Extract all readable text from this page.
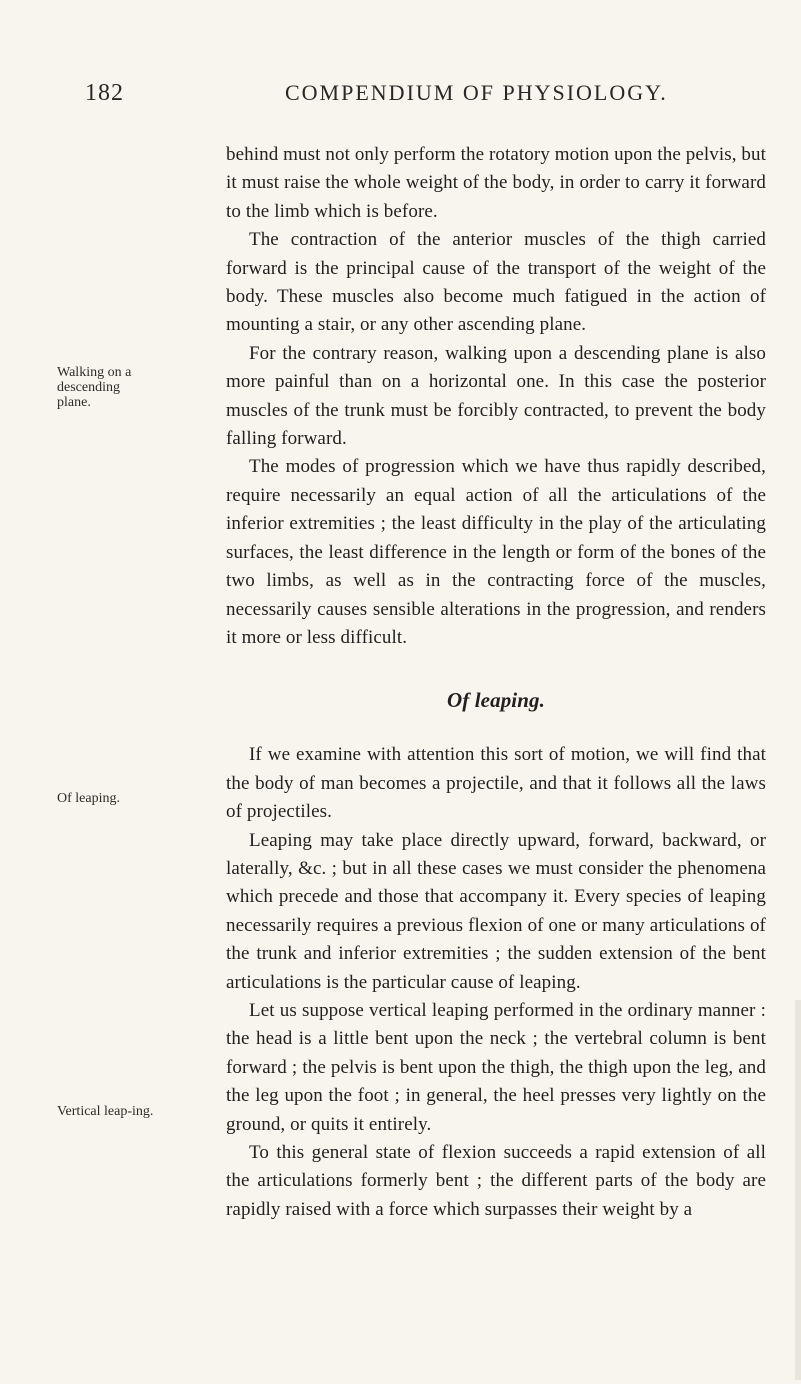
182	COMPENDIUM OF PHYSIOLOGY.
Walking on a descending plane.
Of leaping.
Vertical leap-ing.

behind must not only perform the rotatory motion upon the pelvis, but it must raise the whole weight of the body, in order to carry it forward to the limb which is before.

The contraction of the anterior muscles of the thigh carried forward is the principal cause of the transport of the weight of the body. These muscles also become much fatigued in the action of mounting a stair, or any other ascending plane.

For the contrary reason, walking upon a descending plane is also more painful than on a horizontal one. In this case the posterior muscles of the trunk must be forcibly contracted, to prevent the body falling forward.

The modes of progression which we have thus rapidly described, require necessarily an equal action of all the articulations of the inferior extremities ; the least difficulty in the play of the articulating surfaces, the least difference in the length or form of the bones of the two limbs, as well as in the contracting force of the muscles, necessarily causes sensible alterations in the progression, and renders it more or less difficult.

Of leaping.

If we examine with attention this sort of motion, we will find that the body of man becomes a projectile, and that it follows all the laws of projectiles.

Leaping may take place directly upward, forward, backward, or laterally, &c. ; but in all these cases we must consider the phenomena which precede and those that accompany it. Every species of leaping necessarily requires a previous flexion of one or many articulations of the trunk and inferior extremities ; the sudden extension of the bent articulations is the particular cause of leaping.

Let us suppose vertical leaping performed in the ordinary manner : the head is a little bent upon the neck ; the vertebral column is bent forward ; the pelvis is bent upon the thigh, the thigh upon the leg, and the leg upon the foot ; in general, the heel presses very lightly on the ground, or quits it entirely.

To this general state of flexion succeeds a rapid extension of all the articulations formerly bent ; the different parts of the body are rapidly raised with a force which surpasses their weight by a
